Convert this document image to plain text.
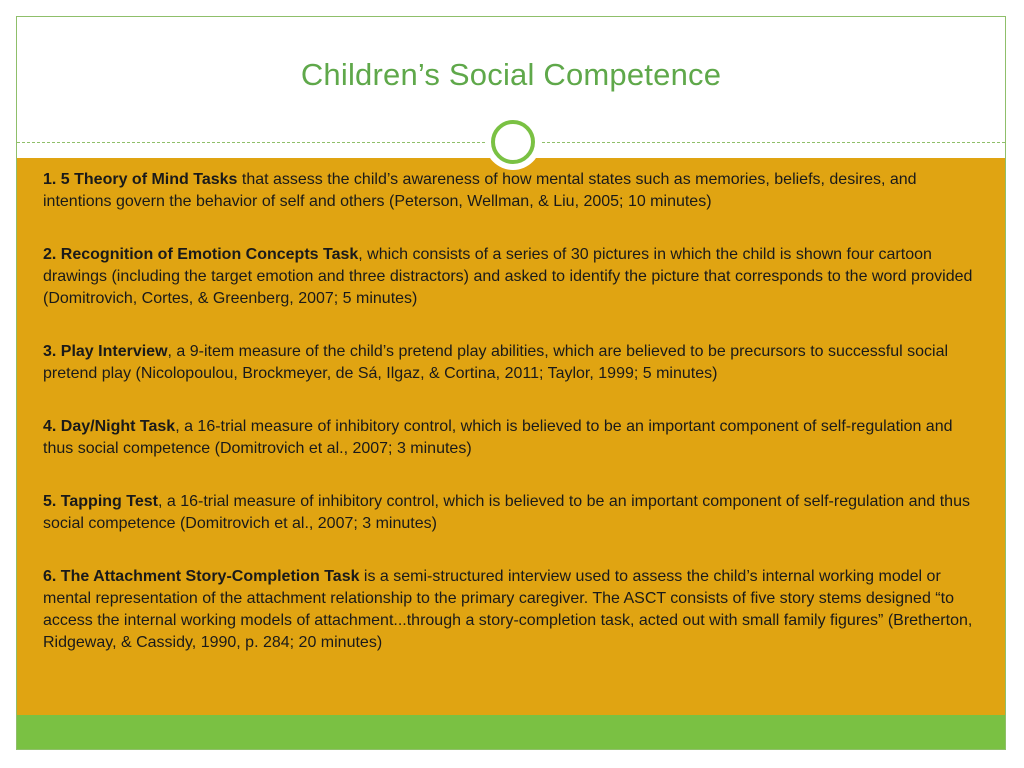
Children’s Social Competence

1. 5 Theory of Mind Tasks that assess the child’s awareness of how mental states such as memories, beliefs, desires, and intentions govern the behavior of self and others (Peterson, Wellman, & Liu, 2005; 10 minutes)

2. Recognition of Emotion Concepts Task, which consists of a series of 30 pictures in which the child is shown four cartoon drawings (including the target emotion and three distractors) and asked to identify the picture that corresponds to the word provided (Domitrovich, Cortes, & Greenberg, 2007; 5 minutes)

3. Play Interview, a 9-item measure of the child’s pretend play abilities, which are believed to be precursors to successful social pretend play (Nicolopoulou, Brockmeyer, de Sá, Ilgaz, & Cortina, 2011; Taylor, 1999; 5 minutes)

4. Day/Night Task, a 16-trial measure of inhibitory control, which is believed to be an important component of self-regulation and thus social competence (Domitrovich et al., 2007; 3 minutes)

5. Tapping Test, a 16-trial measure of inhibitory control, which is believed to be an important component of self-regulation and thus social competence (Domitrovich et al., 2007; 3 minutes)

6. The Attachment Story-Completion Task is a semi-structured interview used to assess the child’s internal working model or mental representation of the attachment relationship to the primary caregiver. The ASCT consists of five story stems designed “to access the internal working models of attachment...through a story-completion task, acted out with small family figures” (Bretherton, Ridgeway, & Cassidy, 1990, p. 284; 20 minutes)
